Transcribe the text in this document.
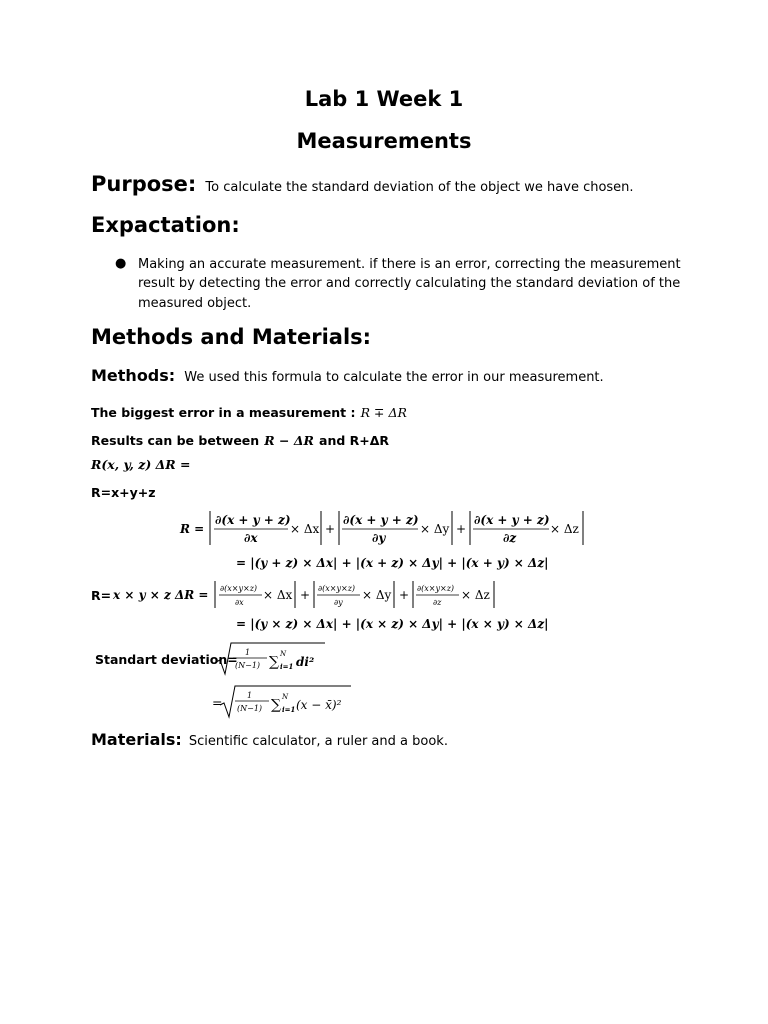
Lab 1 Week 1
Measurements
Purpose: To calculate the standard deviation of the object we have chosen.
Expactation:
● Making an accurate measurement. if there is an error, correcting the measurement
result by detecting the error and correctly calculating the standard deviation of the
measured object.
Methods and Materials:
Methods: We used this formula to calculate the error in our measurement.
The biggest error in a measurement : R ∓ ΔR
Results can be between R − ΔR and R+ΔR
R(x, y, z) ΔR =
R=x+y+z
R =
∂(x + y + z)
∂x
× Δx +
∂(x + y + z)
∂y
× Δy +
∂(x + y + z)
∂z
× Δz
= |(y + z) × Δx| + |(x + z) × Δy| + |(x + y) × Δz|
R= x × y × z ΔR = ∂(x×y×z)
∂x
× Δx + ∂(x×y×z)
∂y
× Δy + ∂(x×y×z)
∂z
× Δz
= |(y × z) × Δx| + |(x × z) × Δy| + |(x × y) × Δz|
Standart deviation= 1
(N−1) ∑ N
i=1 di²
=	1
(N−1) ∑ N
i=1 (x − x̄)²
Materials: Scientific calculator, a ruler and a book.
